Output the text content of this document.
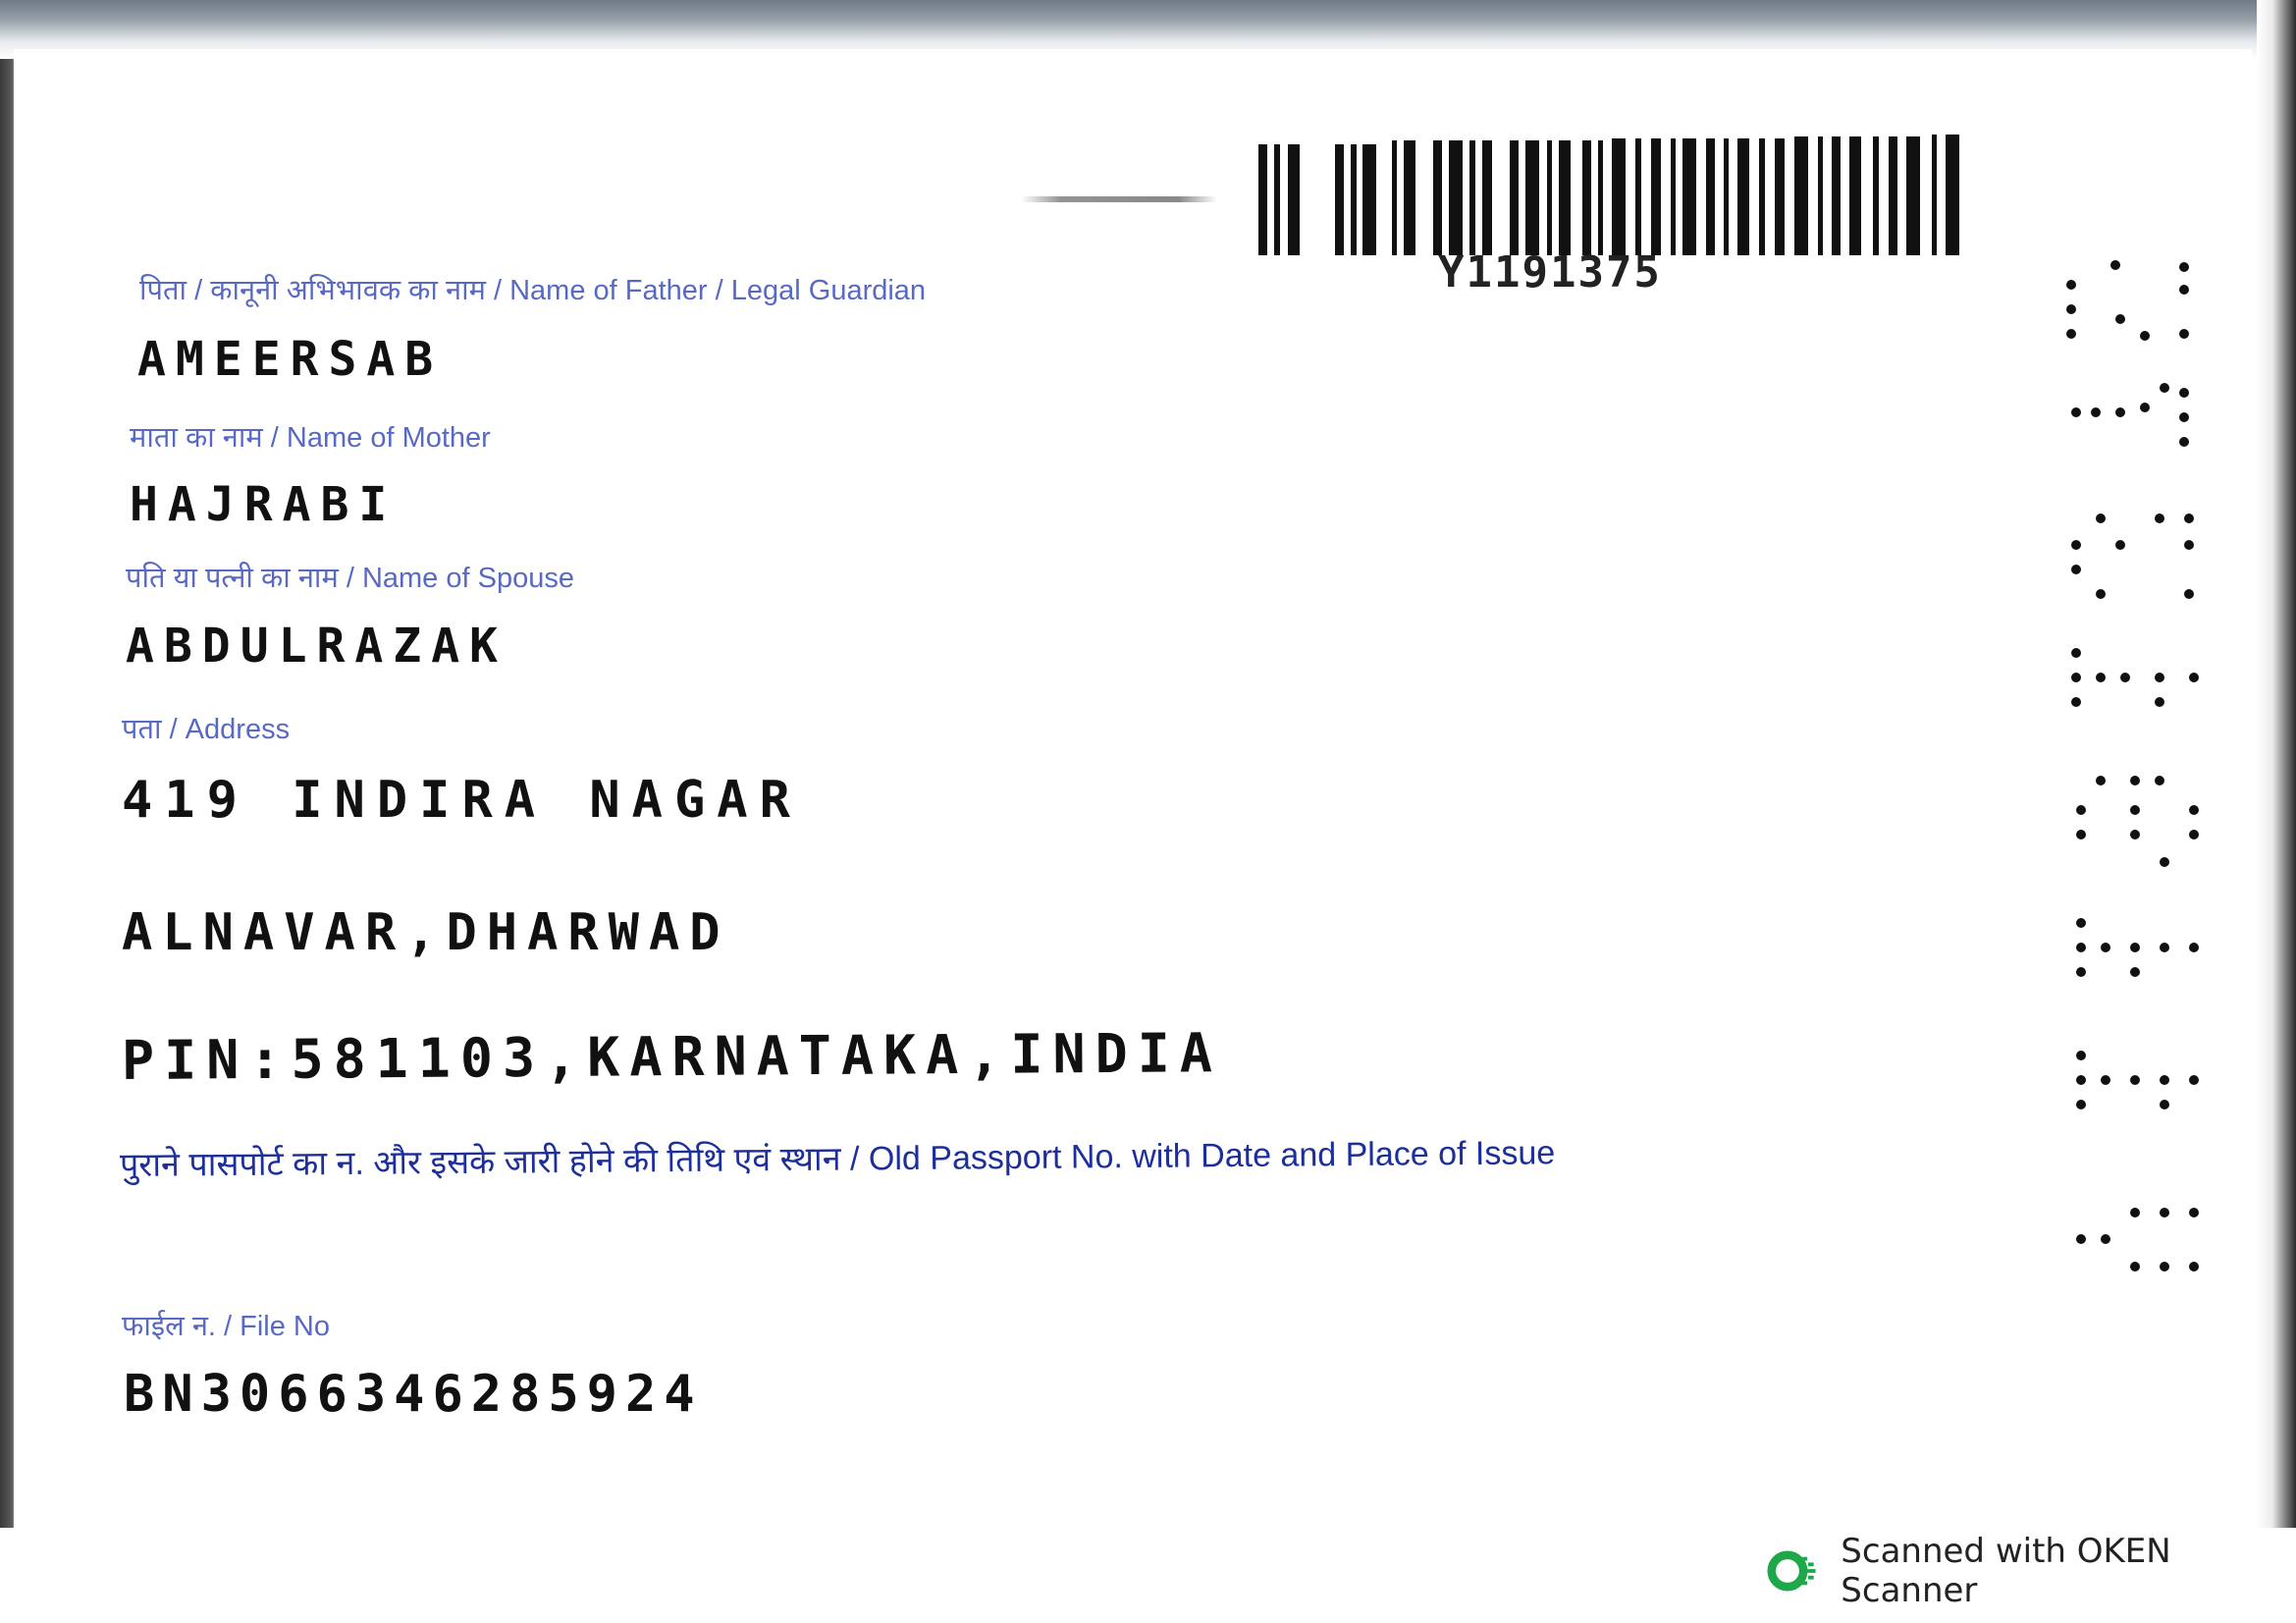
Y1191375
पिता / कानूनी अभिभावक का नाम / Name of Father / Legal Guardian
AMEERSAB
माता का नाम / Name of Mother
HAJRABI
पति या पत्नी का नाम / Name of Spouse
ABDULRAZAK
पता / Address
419 INDIRA NAGAR
ALNAVAR,DHARWAD
PIN:581103,KARNATAKA,INDIA
पुराने पासपोर्ट का न. और इसके जारी होने की तिथि एवं स्थान / Old Passport No. with Date and Place of Issue
फाईल न. / File No
BN3066346285924
Scanned with OKEN Scanner
